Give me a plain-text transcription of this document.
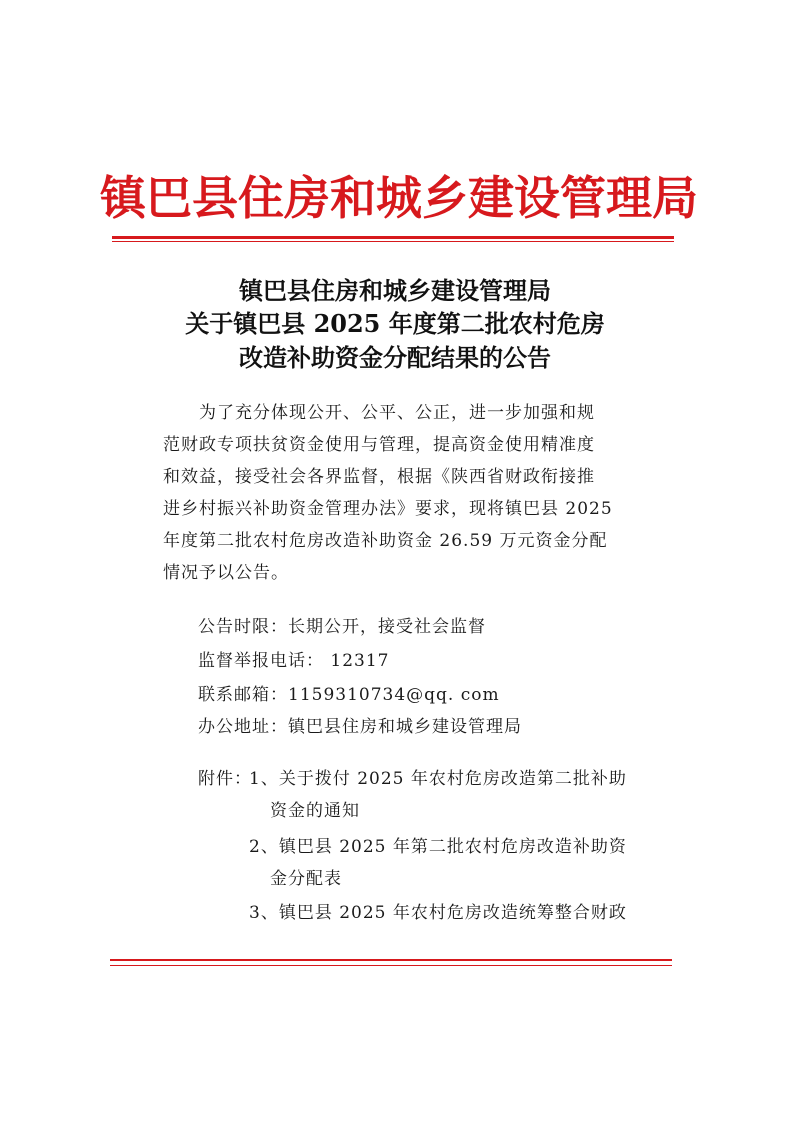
镇巴县住房和城乡建设管理局
镇巴县住房和城乡建设管理局
关于镇巴县 2025 年度第二批农村危房
改造补助资金分配结果的公告
　　为了充分体现公开、公平、公正，进一步加强和规
范财政专项扶贫资金使用与管理，提高资金使用精准度
和效益，接受社会各界监督，根据《陕西省财政衔接推
进乡村振兴补助资金管理办法》要求，现将镇巴县 2025
年度第二批农村危房改造补助资金 26.59 万元资金分配
情况予以公告。
公告时限：长期公开，接受社会监督
监督举报电话： 12317
联系邮箱：1159310734@qq. com
办公地址：镇巴县住房和城乡建设管理局
附件：
1、关于拨付 2025 年农村危房改造第二批补助
资金的通知
2、镇巴县 2025 年第二批农村危房改造补助资
金分配表
3、镇巴县 2025 年农村危房改造统筹整合财政
